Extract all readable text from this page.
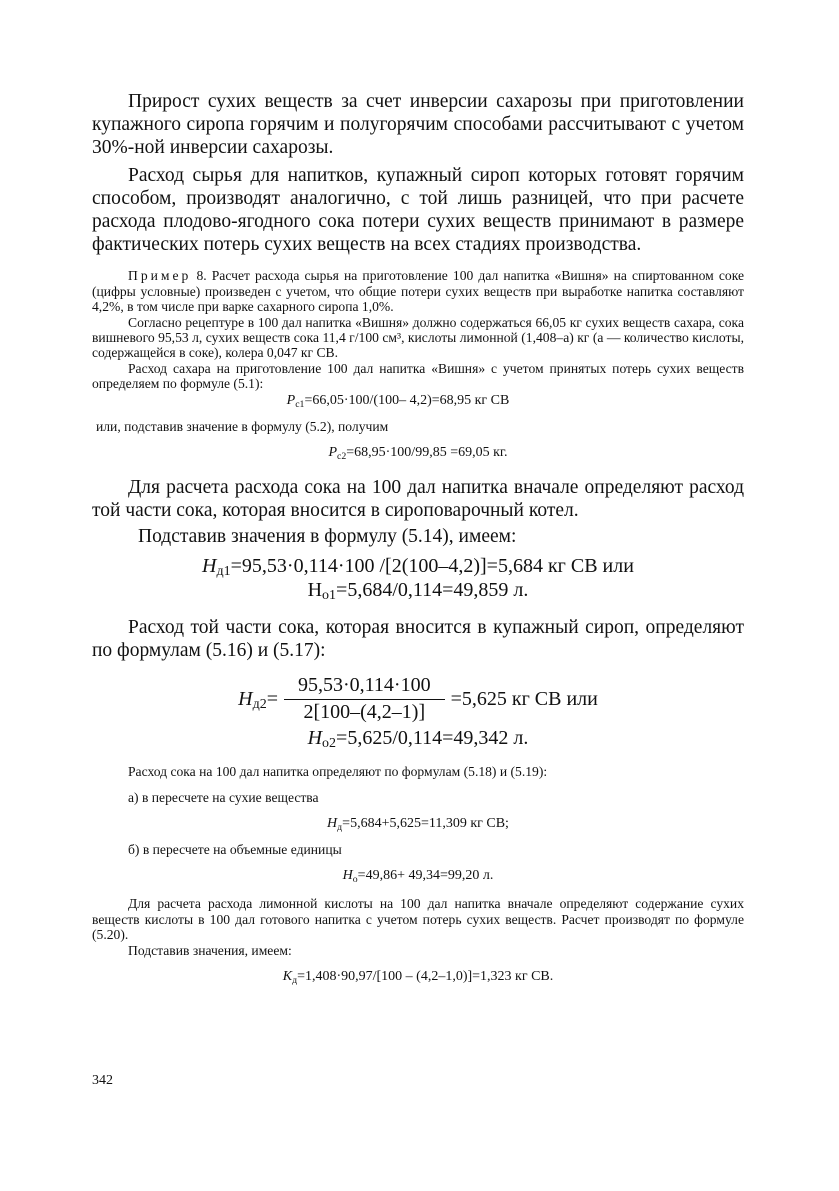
Прирост сухих веществ за счет инверсии сахарозы при приготовлении купажного сиропа горячим и полугорячим способами рассчитывают с учетом 30%-ной инверсии сахарозы.

Расход сырья для напитков, купажный сироп которых готовят горячим способом, производят аналогично, с той лишь разницей, что при расчете расхода плодово-ягодного сока потери сухих веществ принимают в размере фактических потерь сухих веществ на всех стадиях производства.

Пример 8. Расчет расхода сырья на приготовление 100 дал напитка «Вишня» на спиртованном соке (цифры условные) произведен с учетом, что общие потери сухих веществ при выработке напитка составляют 4,2%, в том числе при варке сахарного сиропа 1,0%.

Согласно рецептуре в 100 дал напитка «Вишня» должно содержаться 66,05 кг сухих веществ сахара, сока вишневого 95,53 л, сухих веществ сока 11,4 г/100 см³, кислоты лимонной (1,408–а) кг (а — количество кислоты, содержащейся в соке), колера 0,047 кг СВ.

Расход сахара на приготовление 100 дал напитка «Вишня» с учетом принятых потерь сухих веществ определяем по формуле (5.1):

$P_{с1}=66,05\cdot 100/(100-$ 4,2)=68,95 кг СВ

или, подставив значение в формулу (5.2), получим

$P_{с2}=68,95\cdot 100/99,85 =69,05$ кг.

Для расчета расхода сока на 100 дал напитка вначале определяют расход той части сока, которая вносится в сироповарочный котел.

Подставив значения в формулу (5.14), имеем:

$H_{д1}=95,53\cdot 0,114\cdot 100$ /[2(100–4,2)]=5,684 кг СВ или

$H_{o1}=5,684/0,114=49,859$ л.

Расход той части сока, которая вносится в купажный сироп, определяют по формулам (5.16) и (5.17):

$H_{д2}= \frac{95,53\cdot 0,114\cdot 100}{2[100-(4,2-1)]} =5,625$ кг СВ или

$H_{o2}=5,625/0,114=49,342$ л.

Расход сока на 100 дал напитка определяют по формулам (5.18) и (5.19):

а) в пересчете на сухие вещества

$H_д=5,684+5,625=11,309$ кг СВ;

б) в пересчете на объемные единицы

$H_o=49,86+ 49,34=99,20$ л.

Для расчета расхода лимонной кислоты на 100 дал напитка вначале определяют содержание сухих веществ кислоты в 100 дал готового напитка с учетом потерь сухих веществ. Расчет производят по формуле (5.20).

Подставив значения, имеем:

$K_д=1,408\cdot 90,97/[100 - (4,2-1,0)]=1,323$ кг СВ.

342
